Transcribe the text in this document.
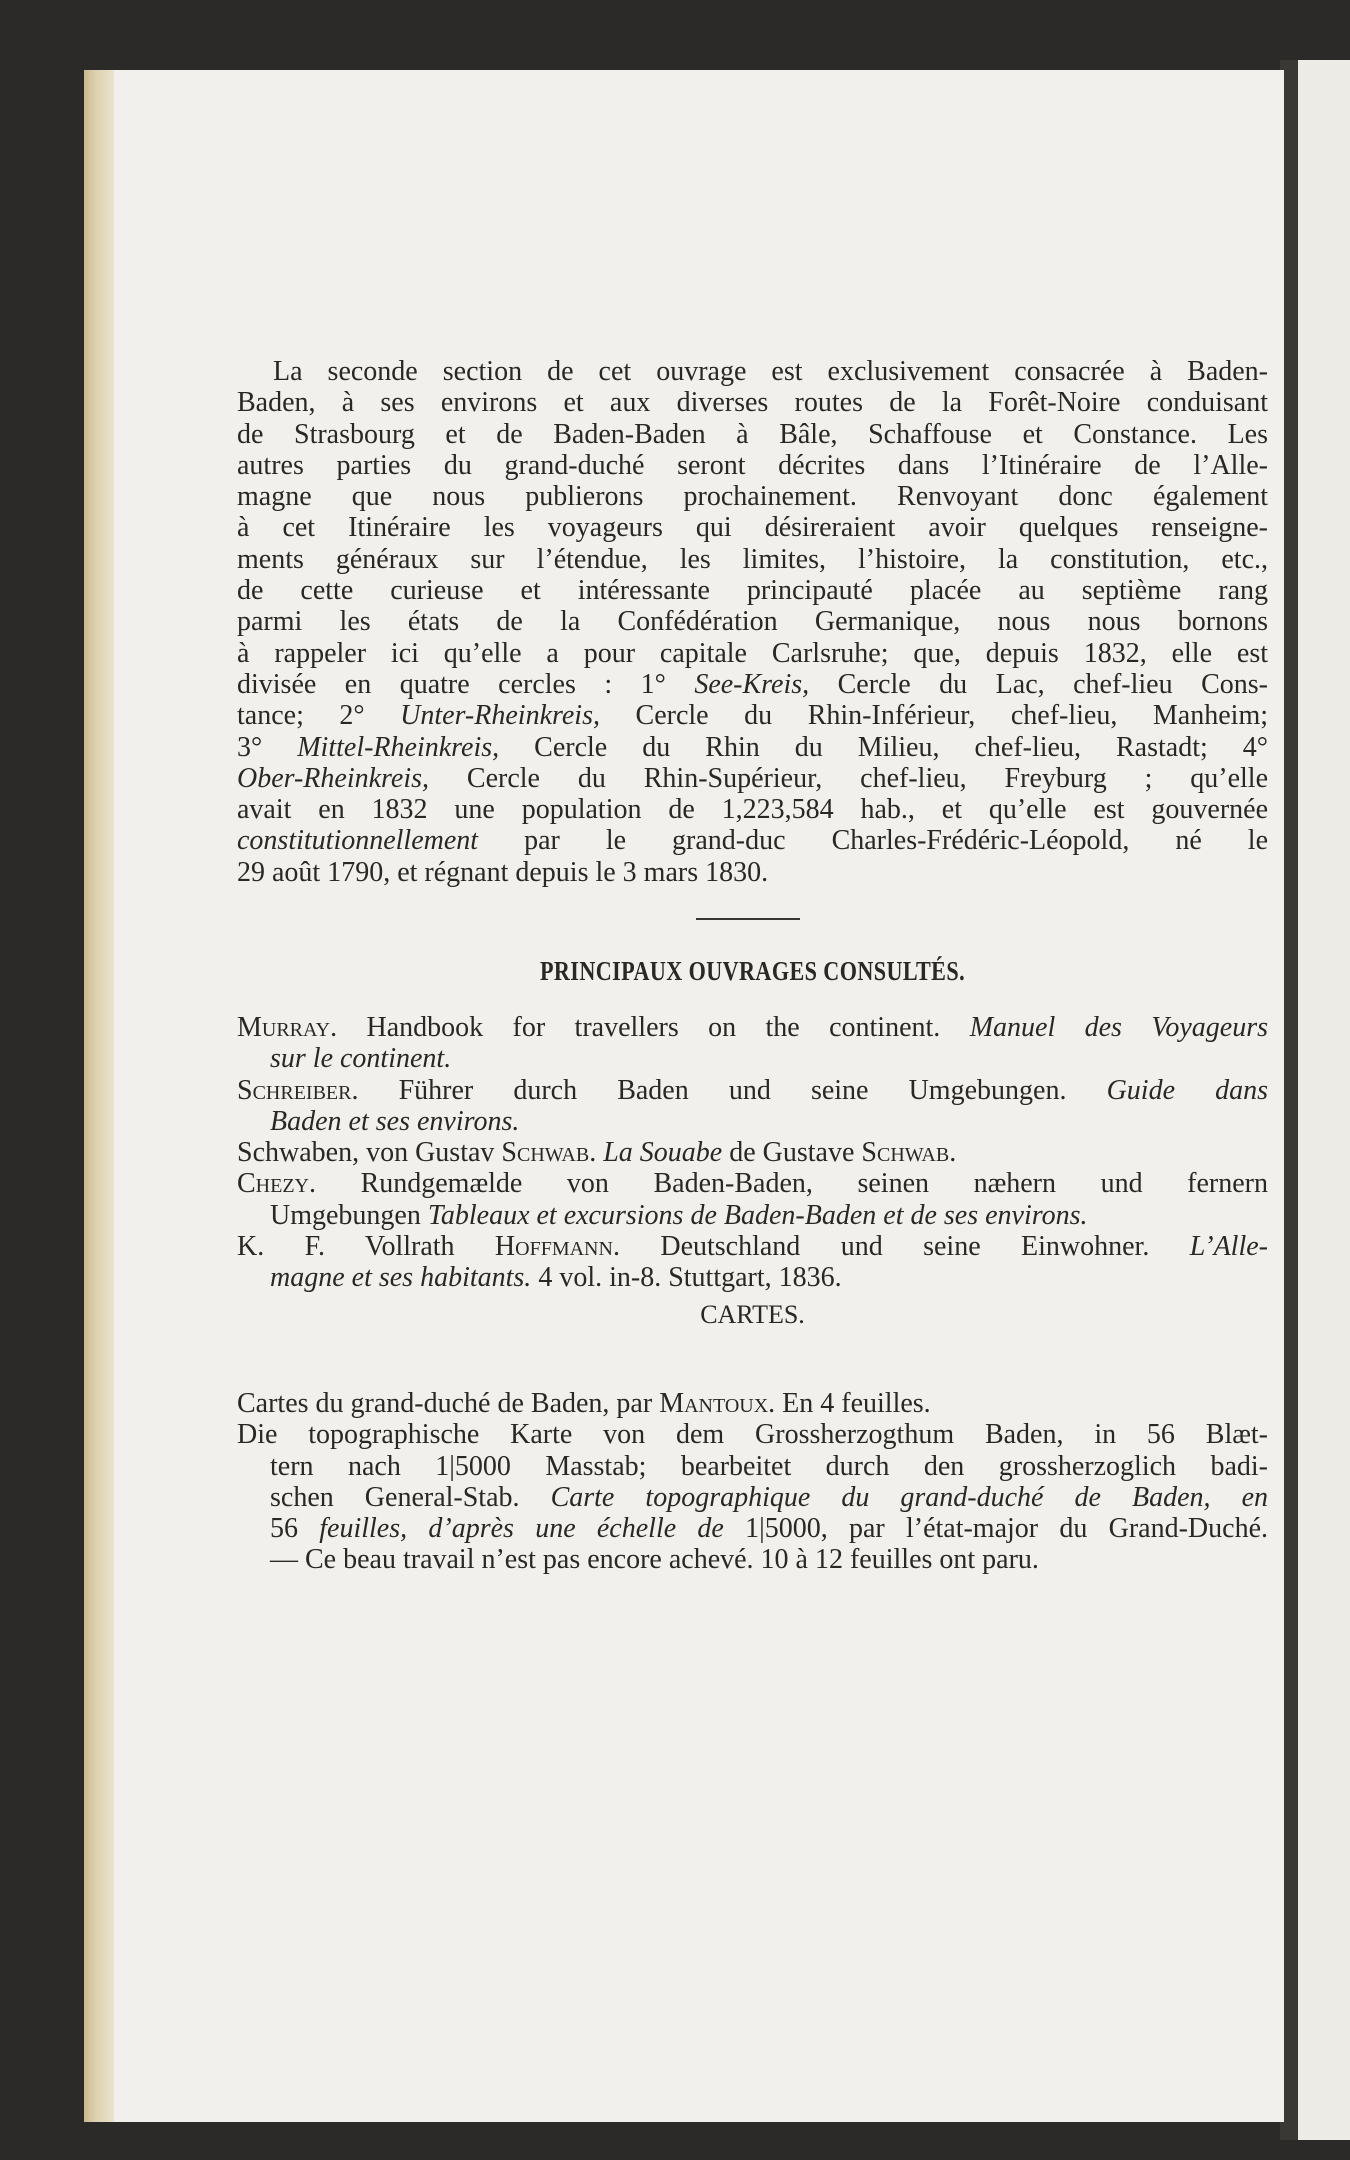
La seconde section de cet ouvrage est exclusivement consacrée à Baden-
Baden, à ses environs et aux diverses routes de la Forêt-Noire conduisant
de Strasbourg et de Baden-Baden à Bâle, Schaffouse et Constance. Les
autres parties du grand-duché seront décrites dans l’Itinéraire de l’Alle-
magne que nous publierons prochainement. Renvoyant donc également
à cet Itinéraire les voyageurs qui désireraient avoir quelques renseigne-
ments généraux sur l’étendue, les limites, l’histoire, la constitution, etc.,
de cette curieuse et intéressante principauté placée au septième rang
parmi les états de la Confédération Germanique, nous nous bornons
à rappeler ici qu’elle a pour capitale Carlsruhe; que, depuis 1832, elle est
divisée en quatre cercles : 1° See-Kreis, Cercle du Lac, chef-lieu Cons-
tance; 2° Unter-Rheinkreis, Cercle du Rhin-Inférieur, chef-lieu, Manheim;
3° Mittel-Rheinkreis, Cercle du Rhin du Milieu, chef-lieu, Rastadt; 4°
Ober-Rheinkreis, Cercle du Rhin-Supérieur, chef-lieu, Freyburg ; qu’elle
avait en 1832 une population de 1,223,584 hab., et qu’elle est gouvernée
constitutionnellement par le grand-duc Charles-Frédéric-Léopold, né le
29 août 1790, et régnant depuis le 3 mars 1830.
PRINCIPAUX OUVRAGES CONSULTÉS.
Murray. Handbook for travellers on the continent. Manuel des Voyageurs
sur le continent.
Schreiber. Führer durch Baden und seine Umgebungen. Guide dans
Baden et ses environs.
Schwaben, von Gustav Schwab. La Souabe de Gustave Schwab.
Chezy. Rundgemælde von Baden-Baden, seinen næhern und fernern
Umgebungen Tableaux et excursions de Baden-Baden et de ses environs.
K. F. Vollrath Hoffmann. Deutschland und seine Einwohner. L’Alle-
magne et ses habitants. 4 vol. in-8. Stuttgart, 1836.
CARTES.
Cartes du grand-duché de Baden, par Mantoux. En 4 feuilles.
Die topographische Karte von dem Grossherzogthum Baden, in 56 Blæt-
tern nach 1|5000 Masstab; bearbeitet durch den grossherzoglich badi-
schen General-Stab. Carte topographique du grand-duché de Baden, en
56 feuilles, d’après une échelle de 1|5000, par l’état-major du Grand-Duché.
— Ce beau travail n’est pas encore achevé. 10 à 12 feuilles ont paru.
